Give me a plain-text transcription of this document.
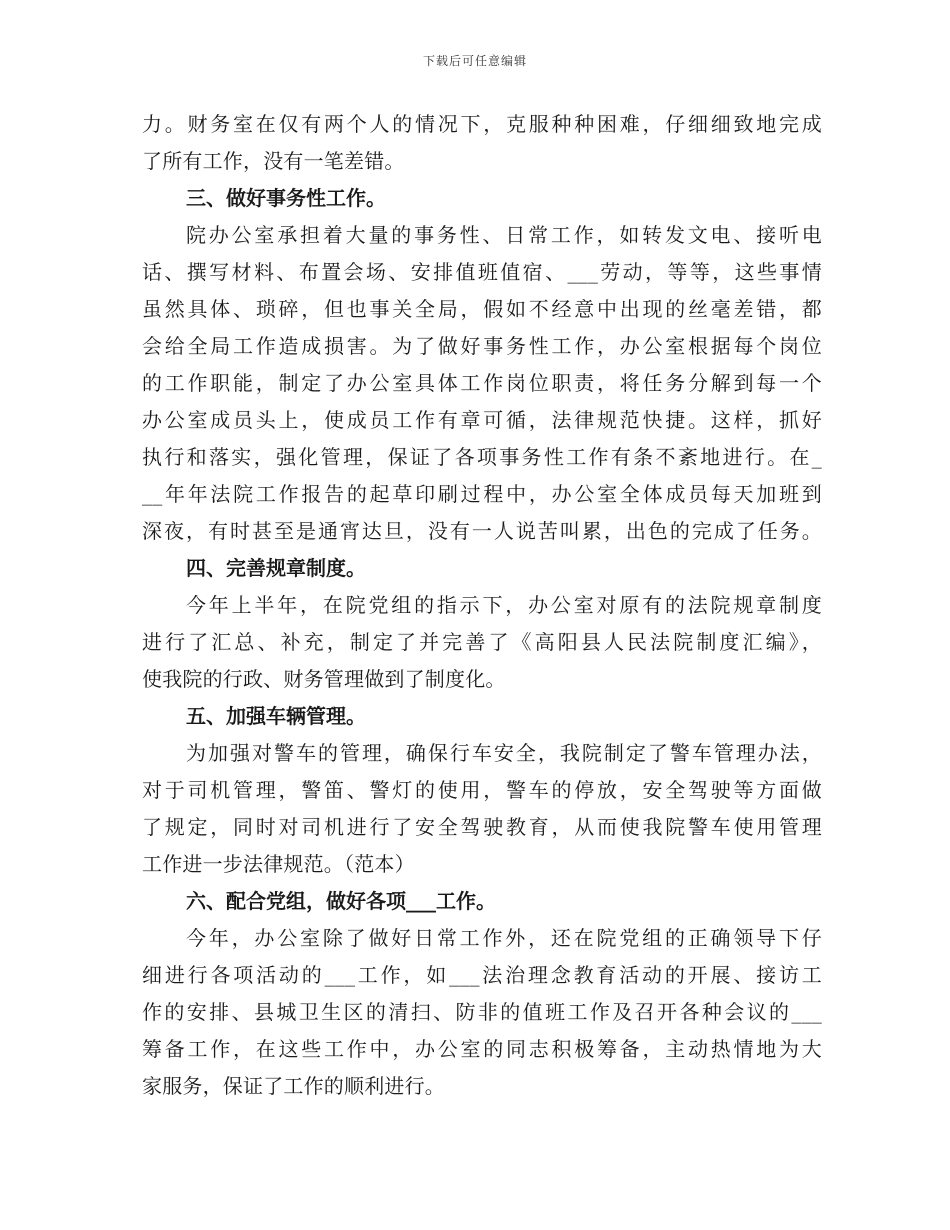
下载后可任意编辑
力。财务室在仅有两个人的情况下，克服种种困难，仔细细致地完成
了所有工作，没有一笔差错。
三、做好事务性工作。
院办公室承担着大量的事务性、日常工作，如转发文电、接听电
话、撰写材料、布置会场、安排值班值宿、___劳动，等等，这些事情
虽然具体、琐碎，但也事关全局，假如不经意中出现的丝毫差错，都
会给全局工作造成损害。为了做好事务性工作，办公室根据每个岗位
的工作职能，制定了办公室具体工作岗位职责，将任务分解到每一个
办公室成员头上，使成员工作有章可循，法律规范快捷。这样，抓好
执行和落实，强化管理，保证了各项事务性工作有条不紊地进行。在_
__年年法院工作报告的起草印刷过程中，办公室全体成员每天加班到
深夜，有时甚至是通宵达旦，没有一人说苦叫累，出色的完成了任务。
四、完善规章制度。
今年上半年，在院党组的指示下，办公室对原有的法院规章制度
进行了汇总、补充，制定了并完善了《高阳县人民法院制度汇编》，
使我院的行政、财务管理做到了制度化。
五、加强车辆管理。
为加强对警车的管理，确保行车安全，我院制定了警车管理办法，
对于司机管理，警笛、警灯的使用，警车的停放，安全驾驶等方面做
了规定，同时对司机进行了安全驾驶教育，从而使我院警车使用管理
工作进一步法律规范。（范本）
六、配合党组，做好各项___工作。
今年，办公室除了做好日常工作外，还在院党组的正确领导下仔
细进行各项活动的___工作，如___法治理念教育活动的开展、接访工
作的安排、县城卫生区的清扫、防非的值班工作及召开各种会议的___
筹备工作，在这些工作中，办公室的同志积极筹备，主动热情地为大
家服务，保证了工作的顺利进行。
